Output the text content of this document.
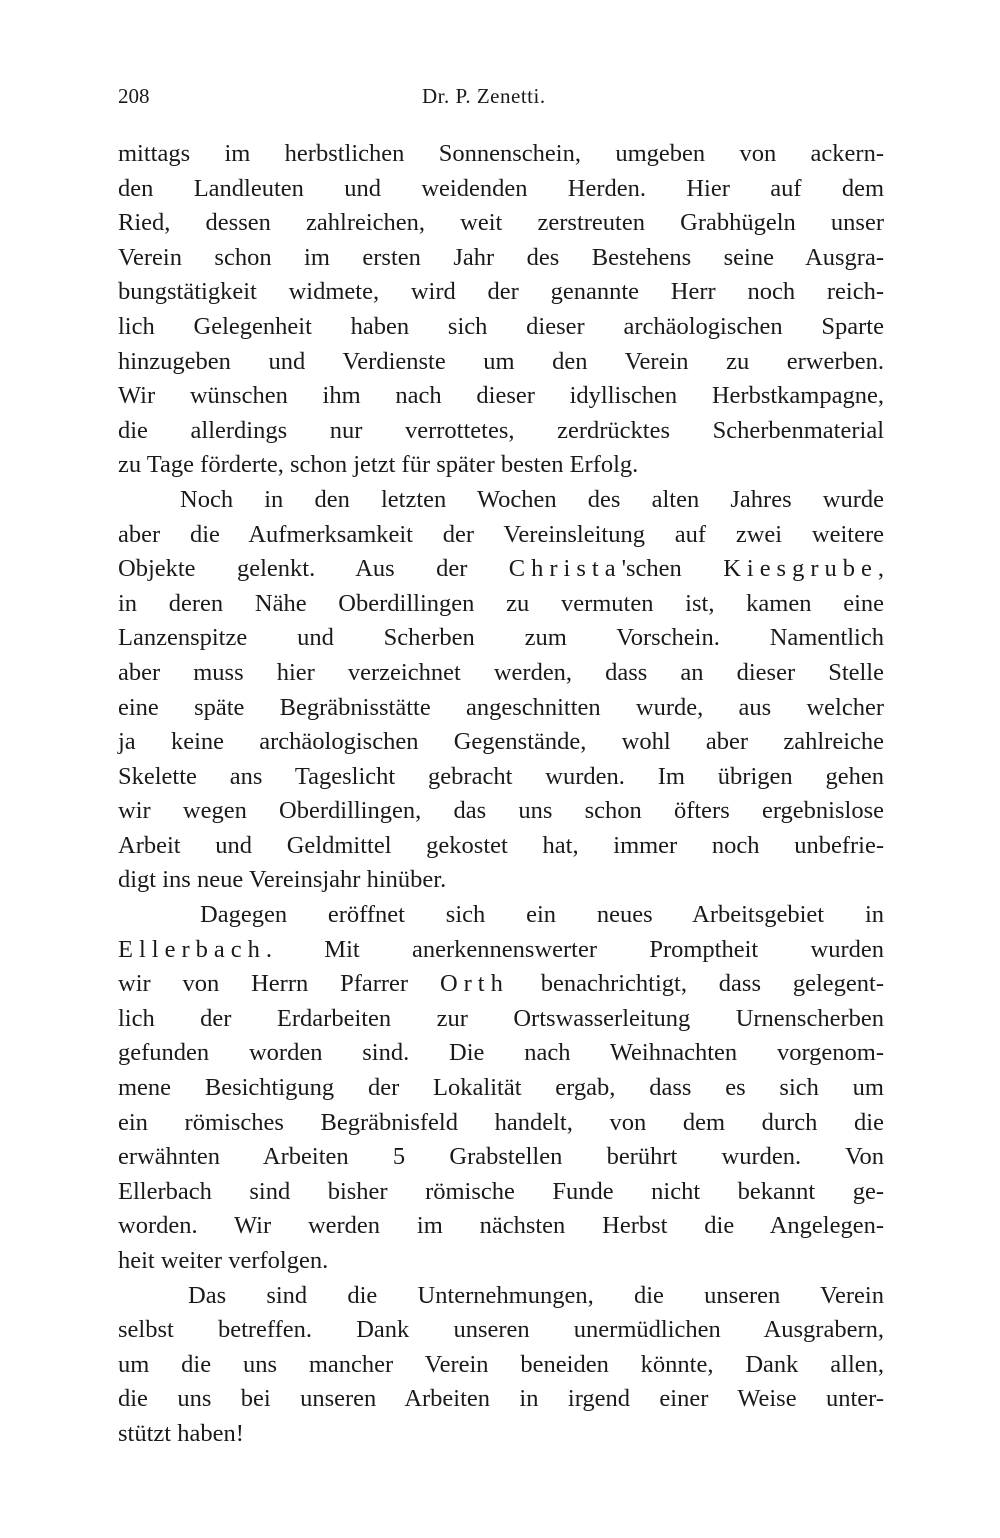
208	Dr. P. Zenetti.
mittags im herbstlichen Sonnenschein, umgeben von ackern-
den Landleuten und weidenden Herden. Hier auf dem
Ried, dessen zahlreichen, weit zerstreuten Grabhügeln unser
Verein schon im ersten Jahr des Bestehens seine Ausgra-
bungstätigkeit widmete, wird der genannte Herr noch reich-
lich Gelegenheit haben sich dieser archäologischen Sparte
hinzugeben und Verdienste um den Verein zu erwerben.
Wir wünschen ihm nach dieser idyllischen Herbstkampagne,
die allerdings nur verrottetes, zerdrücktes Scherbenmaterial
zu Tage förderte, schon jetzt für später besten Erfolg.
Noch in den letzten Wochen des alten Jahres wurde
aber die Aufmerksamkeit der Vereinsleitung auf zwei weitere
Objekte gelenkt. Aus der Christa'schen Kiesgrube,
in deren Nähe Oberdillingen zu vermuten ist, kamen eine
Lanzenspitze und Scherben zum Vorschein. Namentlich
aber muss hier verzeichnet werden, dass an dieser Stelle
eine späte Begräbnisstätte angeschnitten wurde, aus welcher
ja keine archäologischen Gegenstände, wohl aber zahlreiche
Skelette ans Tageslicht gebracht wurden. Im übrigen gehen
wir wegen Oberdillingen, das uns schon öfters ergebnislose
Arbeit und Geldmittel gekostet hat, immer noch unbefrie-
digt ins neue Vereinsjahr hinüber.
Dagegen eröffnet sich ein neues Arbeitsgebiet in
Ellerbach. Mit anerkennenswerter Promptheit wurden
wir von Herrn Pfarrer Orth benachrichtigt, dass gelegent-
lich der Erdarbeiten zur Ortswasserleitung Urnenscherben
gefunden worden sind. Die nach Weihnachten vorgenom-
mene Besichtigung der Lokalität ergab, dass es sich um
ein römisches Begräbnisfeld handelt, von dem durch die
erwähnten Arbeiten 5 Grabstellen berührt wurden. Von
Ellerbach sind bisher römische Funde nicht bekannt ge-
worden. Wir werden im nächsten Herbst die Angelegen-
heit weiter verfolgen.
Das sind die Unternehmungen, die unseren Verein
selbst betreffen. Dank unseren unermüdlichen Ausgrabern,
um die uns mancher Verein beneiden könnte, Dank allen,
die uns bei unseren Arbeiten in irgend einer Weise unter-
stützt haben!
